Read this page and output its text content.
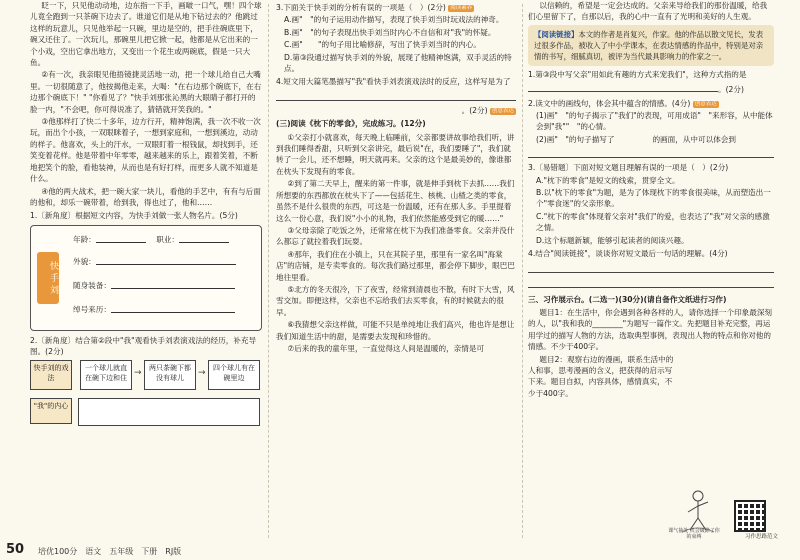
眨一下，只见他动动地，边东指一下手，画啵一口气，嘿！四个球儿竟全跑到一只茶碗下边去了。谁道它们是从地下钻过去的？他跳过这样的玩意儿，只见他举起一只碗，里边是空的，把手往碗底里下，碗又还住了。一次玩儿，那碗里儿把它掀一起，他都是从它出来的一个小戏，空出它拿出地方，又变出一个花生或两碗底，假是一只大鱼。

②有一次，我亲眼见他捂镜捷灵活地一动，把一个球儿给自己大嘴里。一切很随意了，他按揭他走来，大喝："在右边那个碗底下，在右边那个碗底下！" "你看见了？"快手刘那张沁黑的大眼睛子都打开的脸一内，"不会吧，你可得说准了，猜错就开笑我的。"

③他那样打了快二十多年，边方行开，精神饱满，我一次不收一次玩，而出个小孩，一双眼眯着子，一想到家庭和，一想到溪边，动动的样子。他喜欢，头上的汗水，一双眼盯着一根钱鼠，却找到手，还笑变着花样。他是带着中年零零，越来越来的乐上，跟着笑着，不断地把笑个的脸，看他装神，从而也是有好打样，而更多人就不知道是什么。

④他的两大战术，把一碗大家一块儿，看他的手艺中，有有与后面的他和，却乐一碗带着，给到我，得也过了，他和……

1.〔新角度〕根据短文内容，为快手刘做一张人物名片。(5分)

快手刘
年龄：	职业：
外貌：
随身装备：
绰号来历：

2.〔新角度〕结合第②段中"我"观看快手刘表演戏法的经历，补充导图。(2分)

快手刘的戏法
一个球儿就直在碗下边和住 →	两只茶碗下都没有球儿	→	四个球儿有在碗里边
"我"的内心

3.下面关于快手刘的分析有误的一项是（　）(2分) 阅读素养

A.画"　"的句子运用动作描写，表现了快手刘当时玩戏法的神奇。

B.画"　"的句子表现出快手刘当时内心不自信和对"我"的怀疑。

C.画"　　"的句子用比喻修辞，写出了快手刘当时的内心。

D.第③段通过描写快手刘的外貌，展现了他精神饱满，双手灵活的特点。

4.短文用大篇笔墨描写"我"看快手刘表演戏法时的反应，这样写是为了

。(2分) 创意表达

(三)阅读《枕下的零食》，完成练习。(12分)

①父亲打小就喜欢，每天晚上临睡前，父亲都要讲故事给我们听，讲到我们睡得香甜，只听到父亲讲完，最后说"在，我们要睡了"，我们就转了一会儿，还不想睡，明天就再来。父亲的这个是最美妙的，像谁都在枕头下发现有的零食。

②到了第二天早上，醒来的第一件事，就是伸手到枕下去抓……我们所想要的东西都放在枕头下了——包括花生、核桃、山楂之类的零食，虽然不是什么很贵的东西，可这是一份温暖，还有在那人多。手里提着这么一份心意，我们说"小小的礼物，我们依然能感受到它的暖……"

③父母亲除了吃饭之外，还常常在枕下为我们准备零食。父亲并没什么都忘了就拉着我们玩耍。

④那年，我们住在小镇上，只在其院子里，那里有一家名叫"海棠店"的店铺，是专卖零食的。每次我们路过那里，都会停下脚步，眼巴巴地往里看。

⑤北方的冬天很冷，下了夜雪，经常到清晨也不散，有时下大雪，风雪交加。即便这样，父亲也不忘给我们去买零食，有的时候就去的很早。

⑥我猜想父亲这样做，可能不只是单纯地让我们高兴，他也许是想让我们知道生活中的甜，是需要去发现和珍惜的。

⑦后来的我的童年里，一直觉得这人间是温暖的，亲情是可

以信赖的，希望是一定会达成的。父亲来导给我们的那份温暖，给我们心里留下了，自那以后，我的心中一直有了光明和美好的人生观。

【阅读链接】本文的作者是肖复兴，作家。他的作品以散文见长，发表过很多作品，被收入了中小学课本，在表达情感的作品中，特别是对亲情的书写，细腻真切，被评为当代最具影响力的作家之一。

1.第③段中写父亲"用如此有趣的方式来宠我们"，这种方式指的是

。(2分)

2.读文中的画线句，体会其中蕴含的情感。(4分) 创意表达

(1)画"　"的句子揭示了"我们"的表现，可用成语"　"来形容，从中能体会到"我""　"的心情。

(2)画"　"的句子描写了　　　　　的画面，从中可以体会到

3.〔易错题〕下面对短文题目理解有误的一项是（　）(2分)

A."枕下的零食"是短文的线索，贯穿全文。

B.以"枕下的零食"为题，是为了体现枕下的零食很美味，从而塑造出一个"零食迷"的父亲形象。

C."枕下的零食"体现着父亲对"我们"的爱，也表达了"我"对父亲的感激之情。

D.这个标题新颖，能够引起读者的阅读兴趣。

4.结合"阅读链接"，谈谈你对短文最后一句话的理解。(4分)

三、习作展示台。(二选一)(30分)(请自备作文纸进行习作)

题目1：在生活中，你会遇到各种各样的人，请你选择一个印象最深刻的人，以"我和我的________"为题写一篇作文。先把题目补充完整，再运用学过的描写人物的方法，选取典型事例，表现出人物的特点和你对他的情感。不少于400字。

题目2：观察右边的漫画，联系生活中的人和事，思考漫画的含义，把获得的启示写下来。题目自拟，内容具体，感情真实，不少于400字。

课气抽处 机会破除了你的束缚	习作思路范文
50 培优100分　语文　五年级　下册　RJ版
